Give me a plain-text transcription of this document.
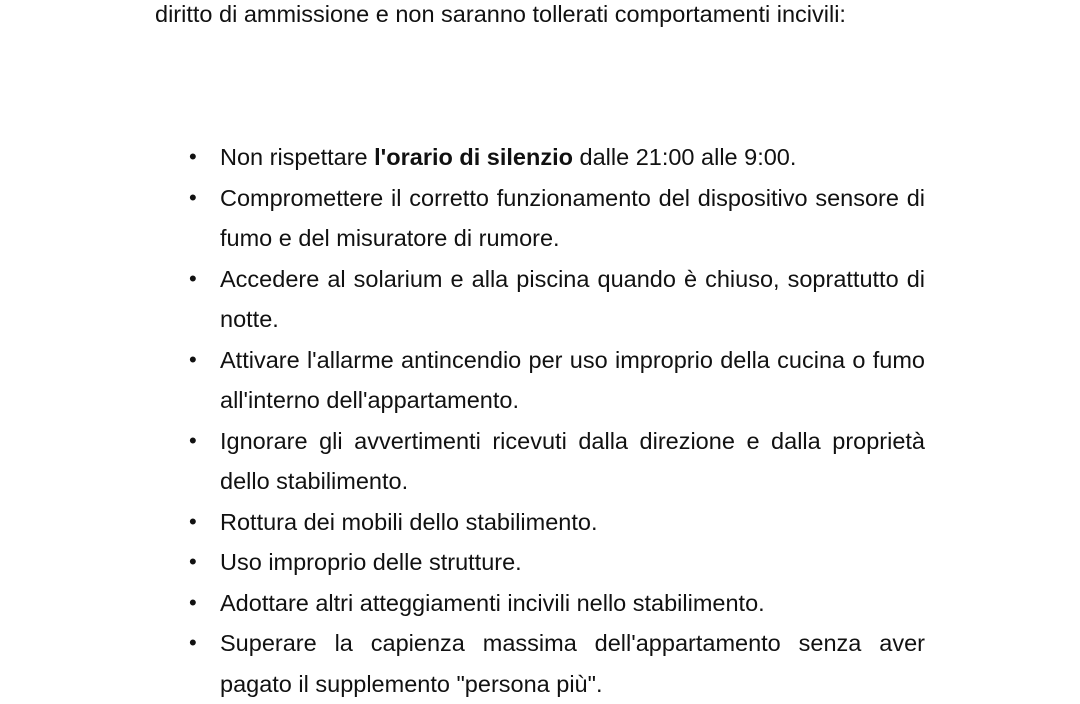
diritto di ammissione e non saranno tollerati comportamenti incivili:

• Non rispettare l'orario di silenzio dalle 21:00 alle 9:00.
• Compromettere il corretto funzionamento del dispositivo sensore di fumo e del misuratore di rumore.
• Accedere al solarium e alla piscina quando è chiuso, soprattutto di notte.
• Attivare l'allarme antincendio per uso improprio della cucina o fumo all'interno dell'appartamento.
• Ignorare gli avvertimenti ricevuti dalla direzione e dalla proprietà dello stabilimento.
• Rottura dei mobili dello stabilimento.
• Uso improprio delle strutture.
• Adottare altri atteggiamenti incivili nello stabilimento.
• Superare la capienza massima dell'appartamento senza aver pagato il supplemento "persona più".
